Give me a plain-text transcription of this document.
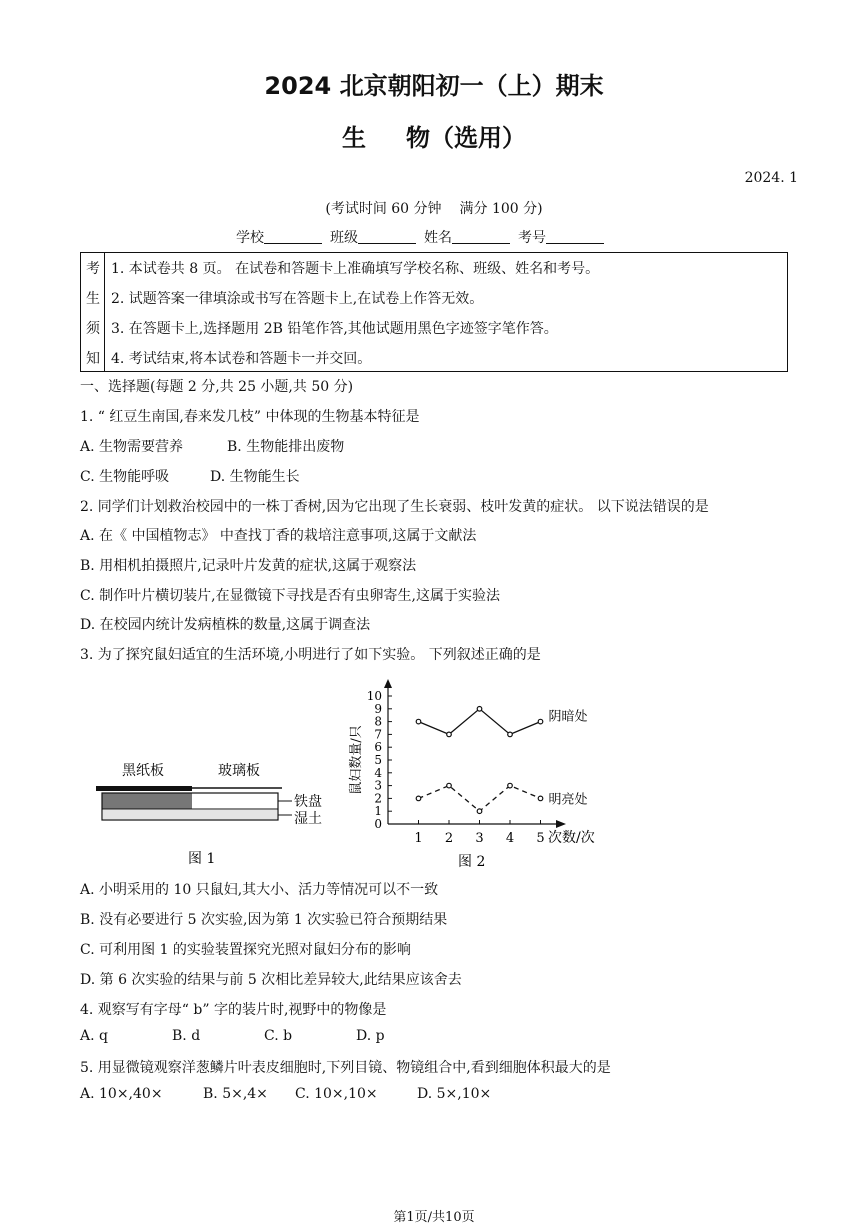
2024 北京朝阳初一（上）期末
生 物（选用）
2024. 1
(考试时间 60 分钟 满分 100 分)
学校	班级	姓名	考号
考
生
须
知
1. 本试卷共 8 页。 在试卷和答题卡上准确填写学校名称、班级、姓名和考号。
2. 试题答案一律填涂或书写在答题卡上,在试卷上作答无效。
3. 在答题卡上,选择题用 2B 铅笔作答,其他试题用黑色字迹签字笔作答。
4. 考试结束,将本试卷和答题卡一并交回。
一、选择题(每题 2 分,共 25 小题,共 50 分)
1. “ 红豆生南国,春来发几枝” 中体现的生物基本特征是
A. 生物需要营养	B. 生物能排出废物
C. 生物能呼吸	D. 生物能生长
2. 同学们计划救治校园中的一株丁香树,因为它出现了生长衰弱、枝叶发黄的症状。 以下说法错误的是
A. 在《 中国植物志》 中查找丁香的栽培注意事项,这属于文献法
B. 用相机拍摄照片,记录叶片发黄的症状,这属于观察法
C. 制作叶片横切装片,在显微镜下寻找是否有虫卵寄生,这属于实验法
D. 在校园内统计发病植株的数量,这属于调查法
3. 为了探究鼠妇适宜的生活环境,小明进行了如下实验。 下列叙述正确的是
黑纸板	玻璃板
铁盘
湿土
图 1
0
1
2
3
4
5
6
7
8
9
10
1 2 3 4 5 次数/次
鼠妇数量/只
阴暗处
明亮处
图 2
A. 小明采用的 10 只鼠妇,其大小、活力等情况可以不一致
B. 没有必要进行 5 次实验,因为第 1 次实验已符合预期结果
C. 可利用图 1 的实验装置探究光照对鼠妇分布的影响
D. 第 6 次实验的结果与前 5 次相比差异较大,此结果应该舍去
4. 观察写有字母“ b” 字的装片时,视野中的物像是
A. q	B. d	C. b	D. p
5. 用显微镜观察洋葱鳞片叶表皮细胞时,下列目镜、物镜组合中,看到细胞体积最大的是
A. 10×,40×	B. 5×,4× C. 10×,10×	D. 5×,10×
第1页/共10页
